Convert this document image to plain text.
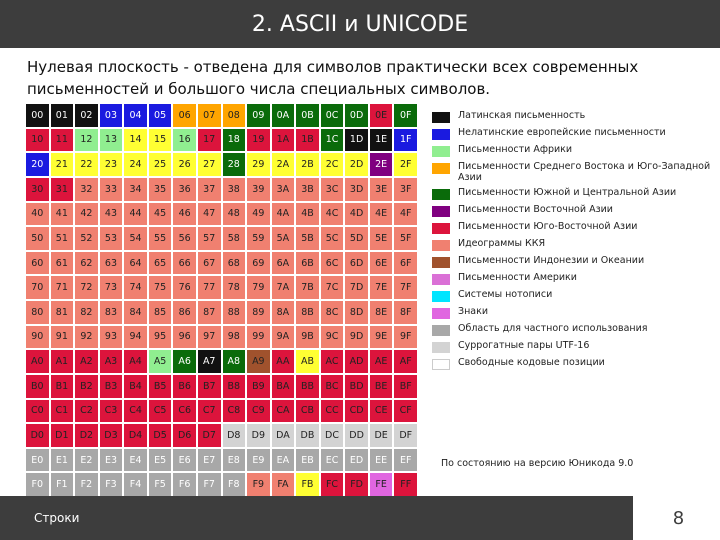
2. ASCII и UNICODE
Нулевая плоскость - отведена для символов практически всех современных письменностей и большого числа специальных символов.
00	01	02	03	04	05	06	07	08	09	0A	0B	0C	0D	0E	0F
10	11	12	13	14	15	16	17	18	19	1A	1B	1C	1D	1E	1F
20	21	22	23	24	25	26	27	28	29	2A	2B	2C	2D	2E	2F
30	31	32	33	34	35	36	37	38	39	3A	3B	3C	3D	3E	3F
40	41	42	43	44	45	46	47	48	49	4A	4B	4C	4D	4E	4F
50	51	52	53	54	55	56	57	58	59	5A	5B	5C	5D	5E	5F
60	61	62	63	64	65	66	67	68	69	6A	6B	6C	6D	6E	6F
70	71	72	73	74	75	76	77	78	79	7A	7B	7C	7D	7E	7F
80	81	82	83	84	85	86	87	88	89	8A	8B	8C	8D	8E	8F
90	91	92	93	94	95	96	97	98	99	9A	9B	9C	9D	9E	9F
A0	A1	A2	A3	A4	A5	A6	A7	A8	A9	AA	AB	AC	AD	AE	AF
B0	B1	B2	B3	B4	B5	B6	B7	B8	B9	BA	BB	BC	BD	BE	BF
C0	C1	C2	C3	C4	C5	C6	C7	C8	C9	CA	CB	CC	CD	CE	CF
D0	D1	D2	D3	D4	D5	D6	D7	D8	D9	DA	DB	DC	DD	DE	DF
E0	E1	E2	E3	E4	E5	E6	E7	E8	E9	EA	EB	EC	ED	EE	EF
F0	F1	F2	F3	F4	F5	F6	F7	F8	F9	FA	FB	FC	FD	FE	FF
Латинская письменность
Нелатинские европейские письменности
Письменности Африки
Письменности Среднего Востока и Юго-Западной Азии
Письменности Южной и Центральной Азии
Письменности Восточной Азии
Письменности Юго-Восточной Азии
Идеограммы ККЯ
Письменности Индонезии и Океании
Письменности Америки
Системы нотописи
Знаки
Область для частного использования
Суррогатные пары UTF-16
Свободные кодовые позиции
По состоянию на версию Юникода 9.0
Строки	8
